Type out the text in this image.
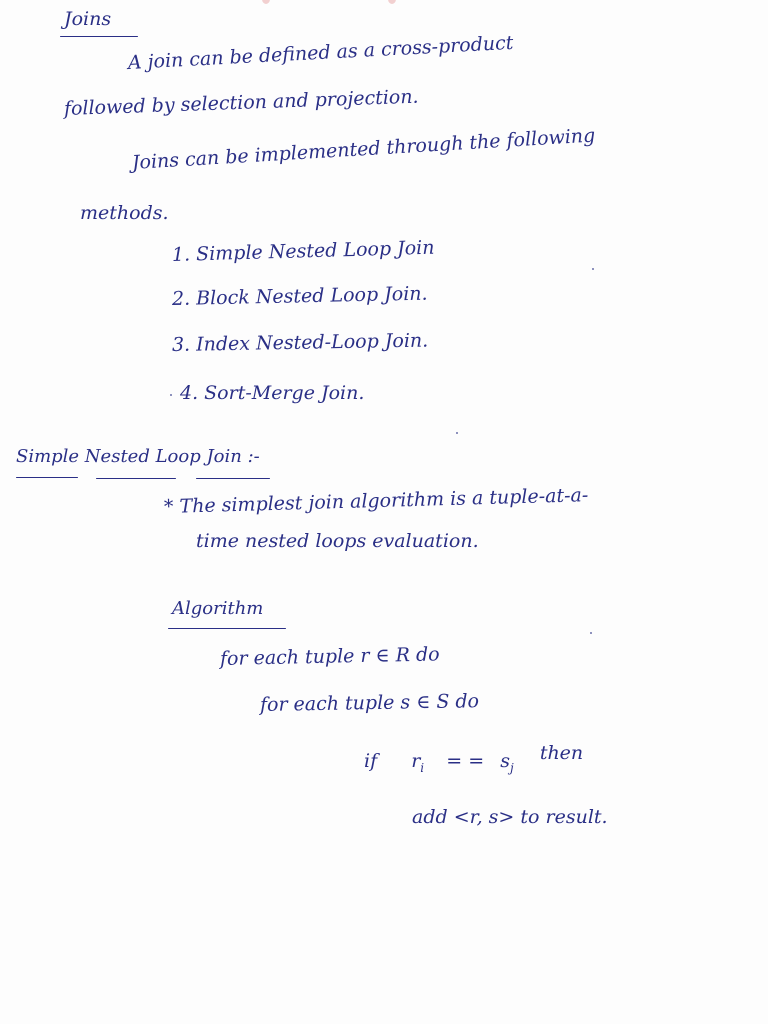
Joins
A join can be defined as a cross-product
followed by selection and projection.
Joins can be implemented through the following
methods.
1. Simple Nested Loop Join
2. Block Nested Loop Join.
3. Index Nested-Loop Join.
4. Sort-Merge Join.
Simple Nested Loop Join :-
* The simplest join algorithm is a tuple-at-a-
time nested loops evaluation.
Algorithm
for each tuple r ∈ R do
for each tuple s ∈ S do
if $r_i$ = = $s_j$  then
add <r, s> to result.
